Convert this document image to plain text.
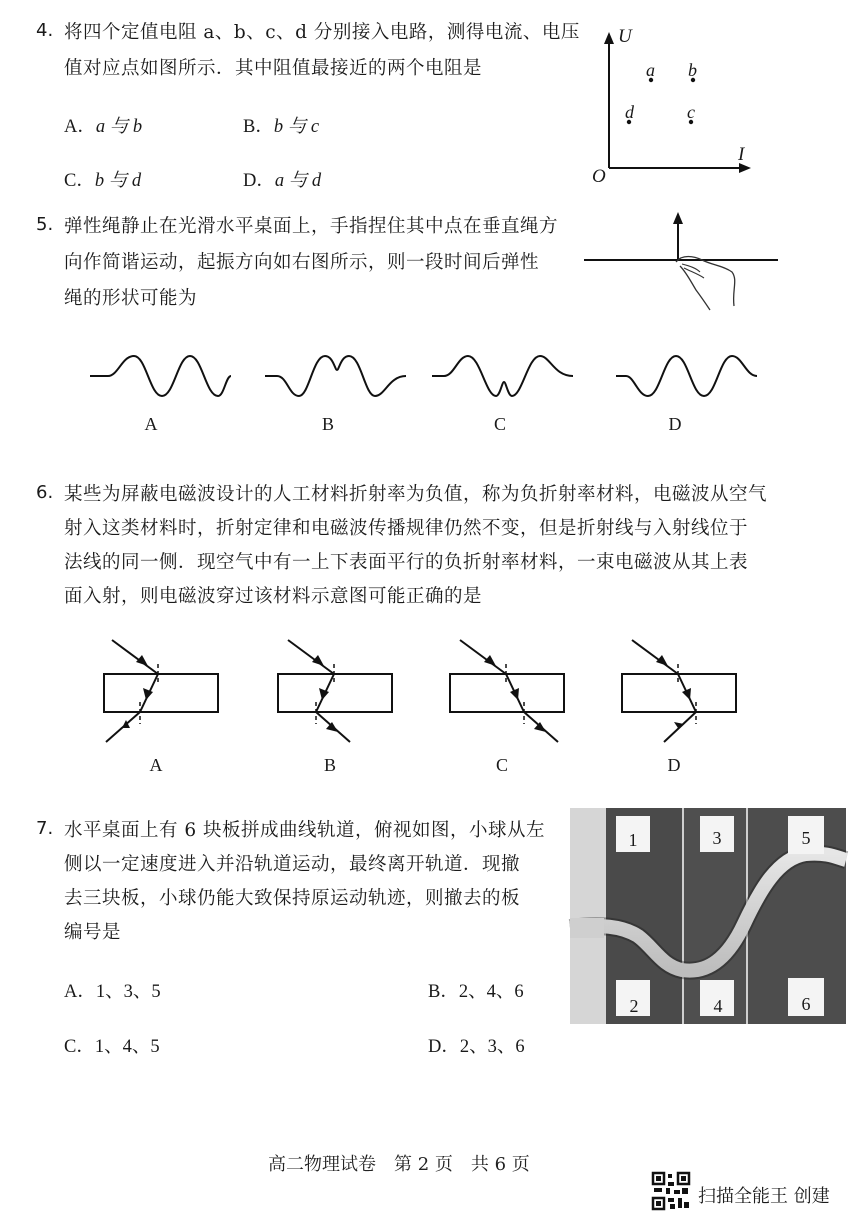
4. 将四个定值电阻 a、b、c、d 分别接入电路，测得电流、电压
值对应点如图所示．其中阻值最接近的两个电阻是
A．a 与 b	B．b 与 c
C．b 与 d	D．a 与 d
U
I
O
a b
c
d
5. 弹性绳静止在光滑水平桌面上，手指捏住其中点在垂直绳方
向作简谐运动，起振方向如右图所示，则一段时间后弹性
绳的形状可能为
A	B	C	D
6. 某些为屏蔽电磁波设计的人工材料折射率为负值，称为负折射率材料，电磁波从空气
射入这类材料时，折射定律和电磁波传播规律仍然不变，但是折射线与入射线位于
法线的同一侧．现空气中有一上下表面平行的负折射率材料，一束电磁波从其上表
面入射，则电磁波穿过该材料示意图可能正确的是
A	B	C	D
7. 水平桌面上有 6 块板拼成曲线轨道，俯视如图，小球从左
侧以一定速度进入并沿轨道运动，最终离开轨道．现撤
去三块板，小球仍能大致保持原运动轨迹，则撤去的板
编号是
A．1、3、5	B．2、4、6
C．1、4、5	D．2、3、6
1	3	5
2	4	6
高二物理试卷　第 2 页　共 6 页
扫描全能王 创建
